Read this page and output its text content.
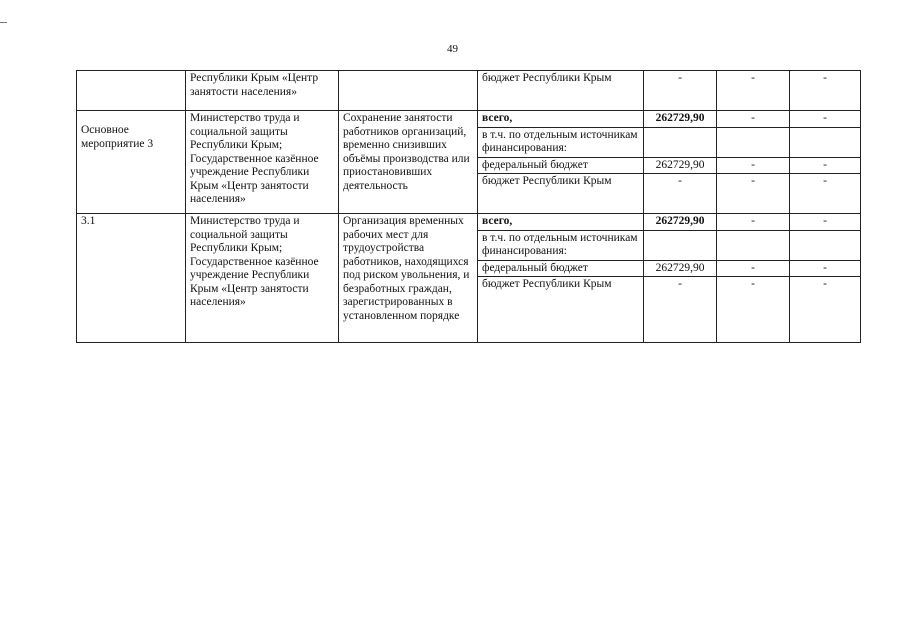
49
	Республики Крым «Центр занятости населения»		бюджет Республики Крым	-	-	-

Основное мероприятие 3	Министерство труда и социальной защиты Республики Крым; Государственное казённое учреждение Республики Крым «Центр занятости населения»	Сохранение занятости работников организаций, временно снизивших объёмы производства или приостановивших деятельность	всего,	262729,90	-	-
			в т.ч. по отдельным источникам финансирования:			
			федеральный бюджет	262729,90	-	-
			бюджет Республики Крым	-	-	-
3.1	Министерство труда и социальной защиты Республики Крым; Государственное казённое учреждение Республики Крым «Центр занятости населения»	Организация временных рабочих мест для трудоустройства работников, находящихся под риском увольнения, и безработных граждан, зарегистрированных в установленном порядке	всего,	262729,90	-	-
			в т.ч. по отдельным источникам финансирования:			
			федеральный бюджет	262729,90	-	-
			бюджет Республики Крым	-	-	-
